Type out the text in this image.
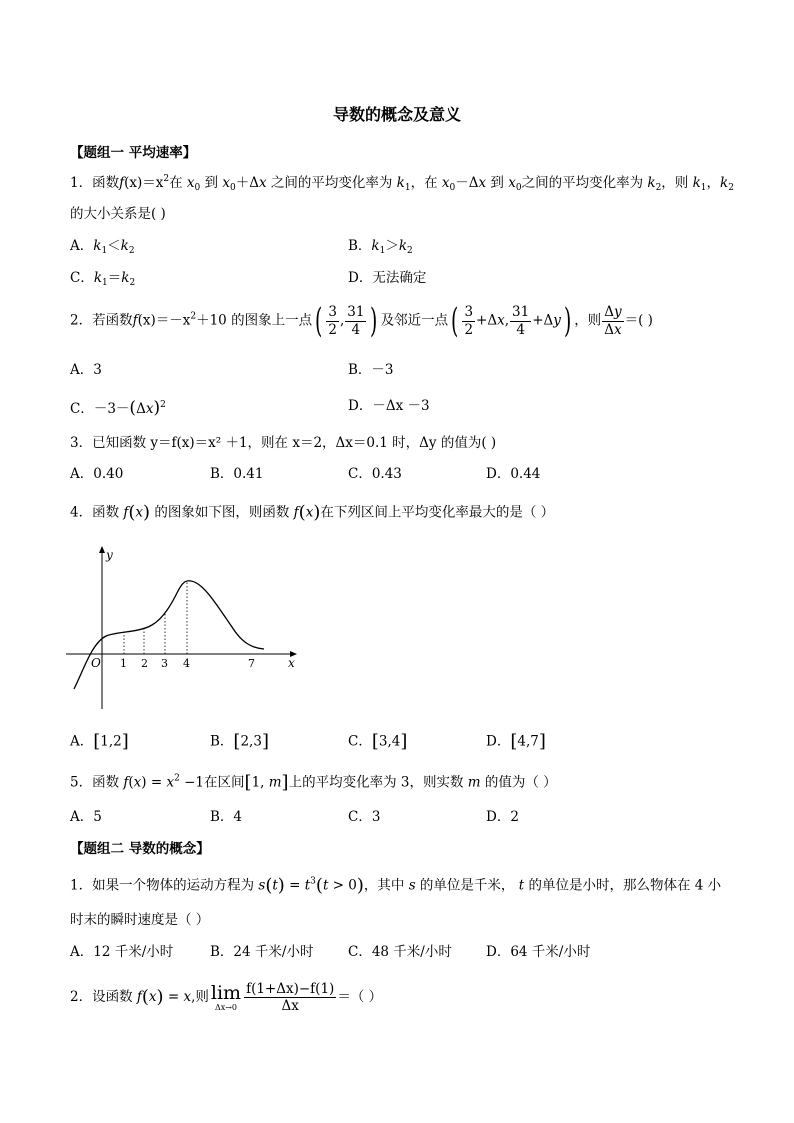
导数的概念及意义
【题组一 平均速率】
1．函数$f(x)=x^2$在 $x_0$ 到 $x_0+\Delta x$ 之间的平均变化率为 $k_1$，在 $x_0-\Delta x$ 到 $x_0$之间的平均变化率为 $k_2$，则 $k_1$，$k_2$
的大小关系是( )
A．$k_1<k_2$	B．$k_1>k_2$
C．$k_1=k_2$	D．无法确定
2．若函数$f(x)=-x^2+10$ 的图象上一点( $\frac{3}{2}$ , $\frac{31}{4}$ ) 及邻近一点( $\frac{3}{2} +\Delta x$, $\frac{31}{4} +\Delta y$) ，则 $\frac{\Delta y}{\Delta x}$ ＝( )
A．3	B．－3
C．$-3-(\Delta x)^2$	D．－Δx －3
3．已知函数 y＝f(x)＝x² ＋1，则在 x＝2，Δx＝0.1 时，Δy 的值为( )
A．0.40	B．0.41	C．0.43	D．0.44
4．函数 f(x) 的图象如下图，则函数 f(x)在下列区间上平均变化率最大的是（ ）
y
x
O 1 2 3 4	7
A．[1,2]	B．[2,3]	C．[3,4]	D．[4,7]
5．函数 $f(x) = x^2 -1$在区间[1, m]上的平均变化率为 3，则实数 m 的值为（ ）
A．5	B．4	C．3	D．2
【题组二 导数的概念】
1．如果一个物体的运动方程为 $s(t) = t^3(t > 0)$，其中 s 的单位是千米， t 的单位是小时，那么物体在 4 小
时末的瞬时速度是（ ）
A．12 千米/小时	B．24 千米/小时	C．48 千米/小时	D．64 千米/小时
2．设函数 f(x) = x,则 lim
$\Delta x\to 0 \frac{f(1+\Delta x)-f(1)}{\Delta x}$ ＝（ ）
